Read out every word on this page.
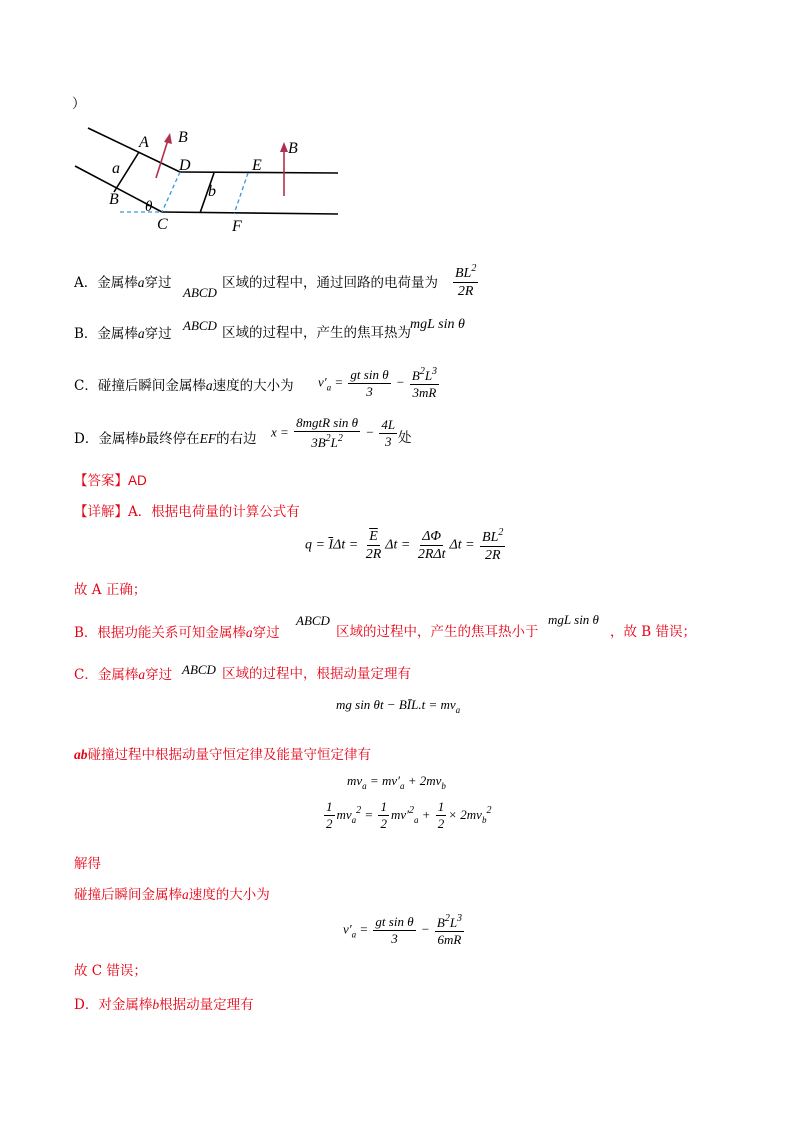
）
A B
a	D	E
B
B θ
b
C	F
A．金属棒a穿过
ABCD
区域的过程中，通过回路的电荷量为 $\frac{BL^2}{2R}$
B．金属棒a穿过
ABCD 区域的过程中，产生的焦耳热为
mgL sin θ
C．碰撞后瞬间金属棒a速度的大小为 $v'_a = \frac{\text{gt sin θ}}{3} - \frac{B^2L^3}{3mR}$
D．金属棒b最终停在EF的右边 $x = \frac{\text{8mgtR sin θ}}{3B^2L^2} - \frac{4L}{3}$ 处
【答案】AD
【详解】A．根据电荷量的计算公式有
$q = \overline{I}\Delta t = \frac{\overline{E}}{2R}$ $\Delta t = \frac{\Delta\Phi}{\text{2RΔt}}$ $\Delta t = \frac{BL^2}{2R}$
故 A 正确；
B．根据功能关系可知金属棒a穿过
ABCD
区域的过程中，产生的焦耳热小于
mgL sin θ
，故 B 错误；
C．金属棒a穿过 ABCD 区域的过程中，根据动量定理有
mg sin θt − BĪL.t = $mv_a$
ab碰撞过程中根据动量守恒定律及能量守恒定律有
$mv_a = mv'_a + 2mv_b$
$\frac{1}{2} mv_a^2 = \frac{1}{2} mv'^2_a + \frac{1}{2} \times 2mv_b^2$
解得
碰撞后瞬间金属棒a速度的大小为
$v'_a = \frac{\text{gt sin θ}}{3} - \frac{B^2L^3}{6mR}$
故 C 错误；
D．对金属棒b根据动量定理有
